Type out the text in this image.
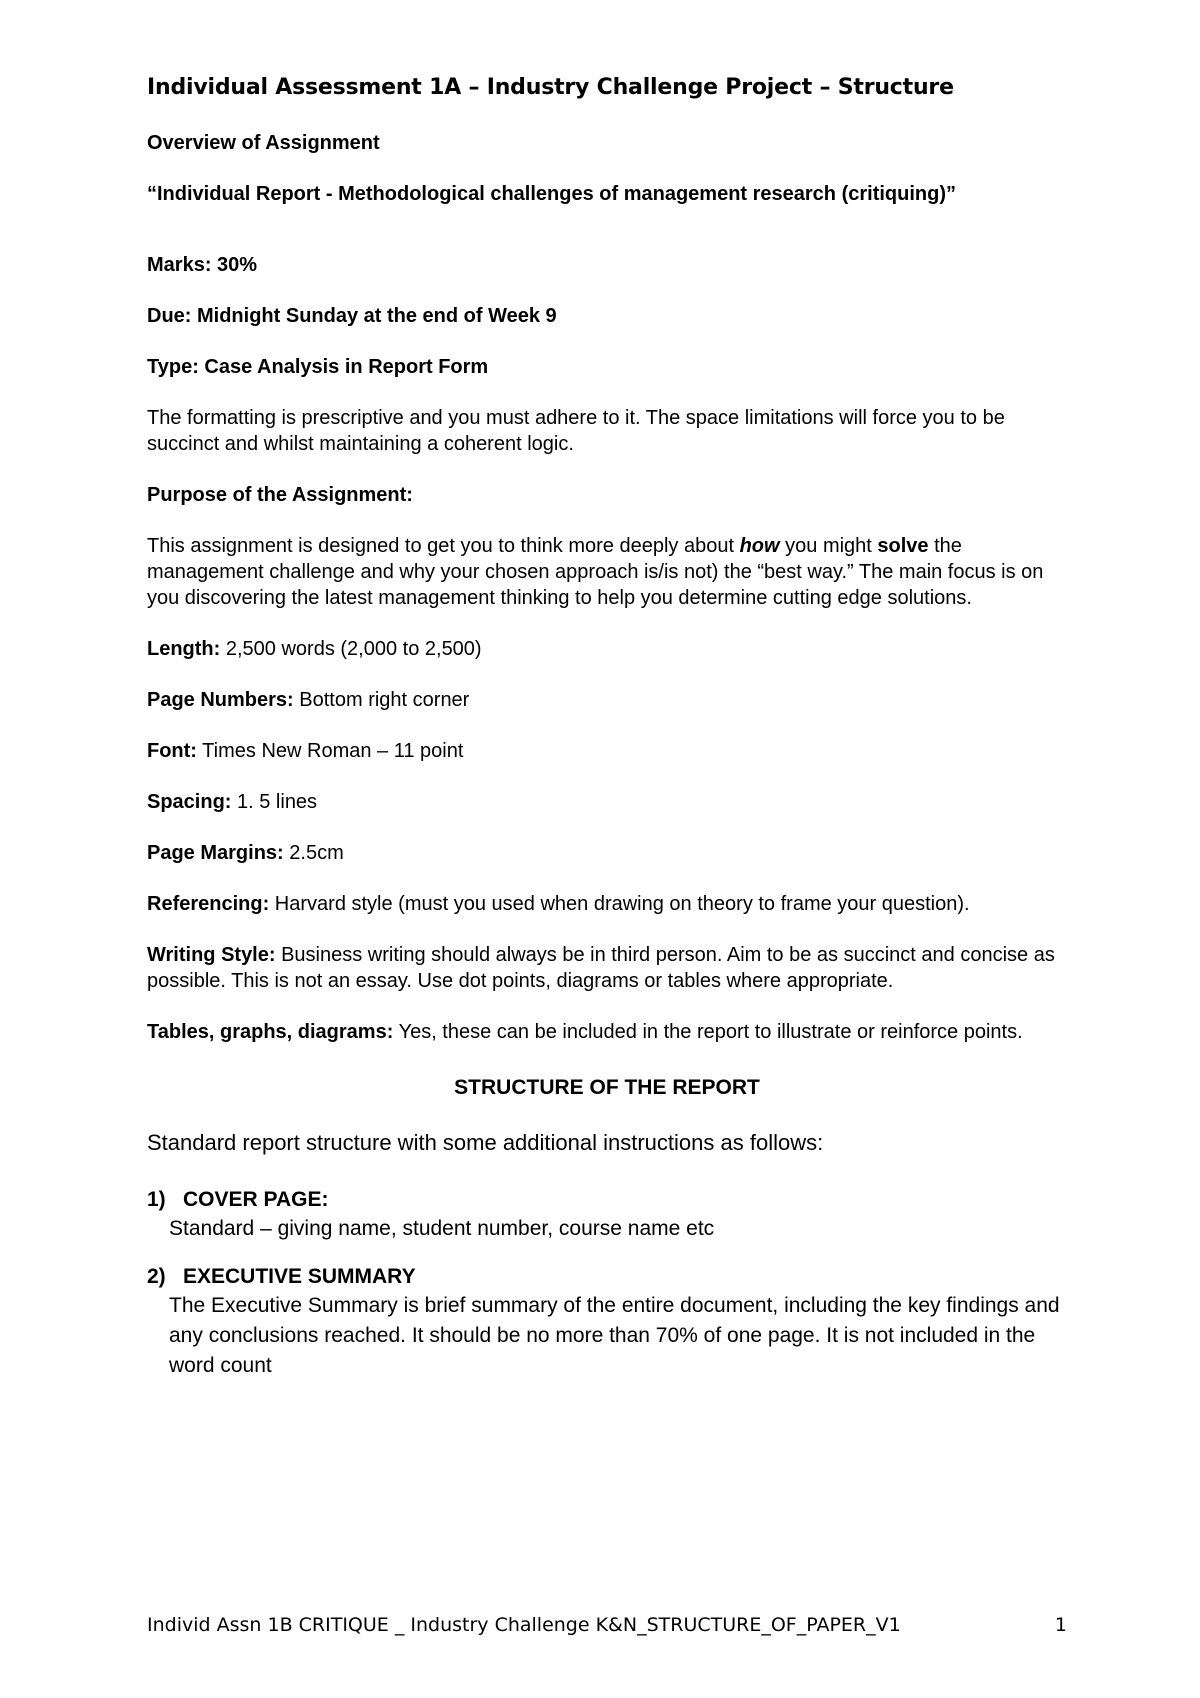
Individual Assessment 1A – Industry Challenge Project – Structure
Overview of Assignment
“Individual Report - Methodological challenges of management research (critiquing)”
Marks: 30%
Due: Midnight Sunday at the end of Week 9
Type: Case Analysis in Report Form
The formatting is prescriptive and you must adhere to it. The space limitations will force you to be succinct and whilst maintaining a coherent logic.
Purpose of the Assignment:
This assignment is designed to get you to think more deeply about how you might solve the management challenge and why your chosen approach is/is not) the “best way.” The main focus is on you discovering the latest management thinking to help you determine cutting edge solutions.
Length: 2,500 words (2,000 to 2,500)
Page Numbers: Bottom right corner
Font: Times New Roman – 11 point
Spacing: 1. 5 lines
Page Margins: 2.5cm
Referencing: Harvard style (must you used when drawing on theory to frame your question).
Writing Style: Business writing should always be in third person. Aim to be as succinct and concise as possible. This is not an essay. Use dot points, diagrams or tables where appropriate.
Tables, graphs, diagrams: Yes, these can be included in the report to illustrate or reinforce points.
STRUCTURE OF THE REPORT
Standard report structure with some additional instructions as follows:
1) COVER PAGE:
Standard – giving name, student number, course name etc
2) EXECUTIVE SUMMARY
The Executive Summary is brief summary of the entire document, including the key findings and any conclusions reached. It should be no more than 70% of one page. It is not included in the word count
Individ Assn 1B CRITIQUE _ Industry Challenge K&N_STRUCTURE_OF_PAPER_V1	1
